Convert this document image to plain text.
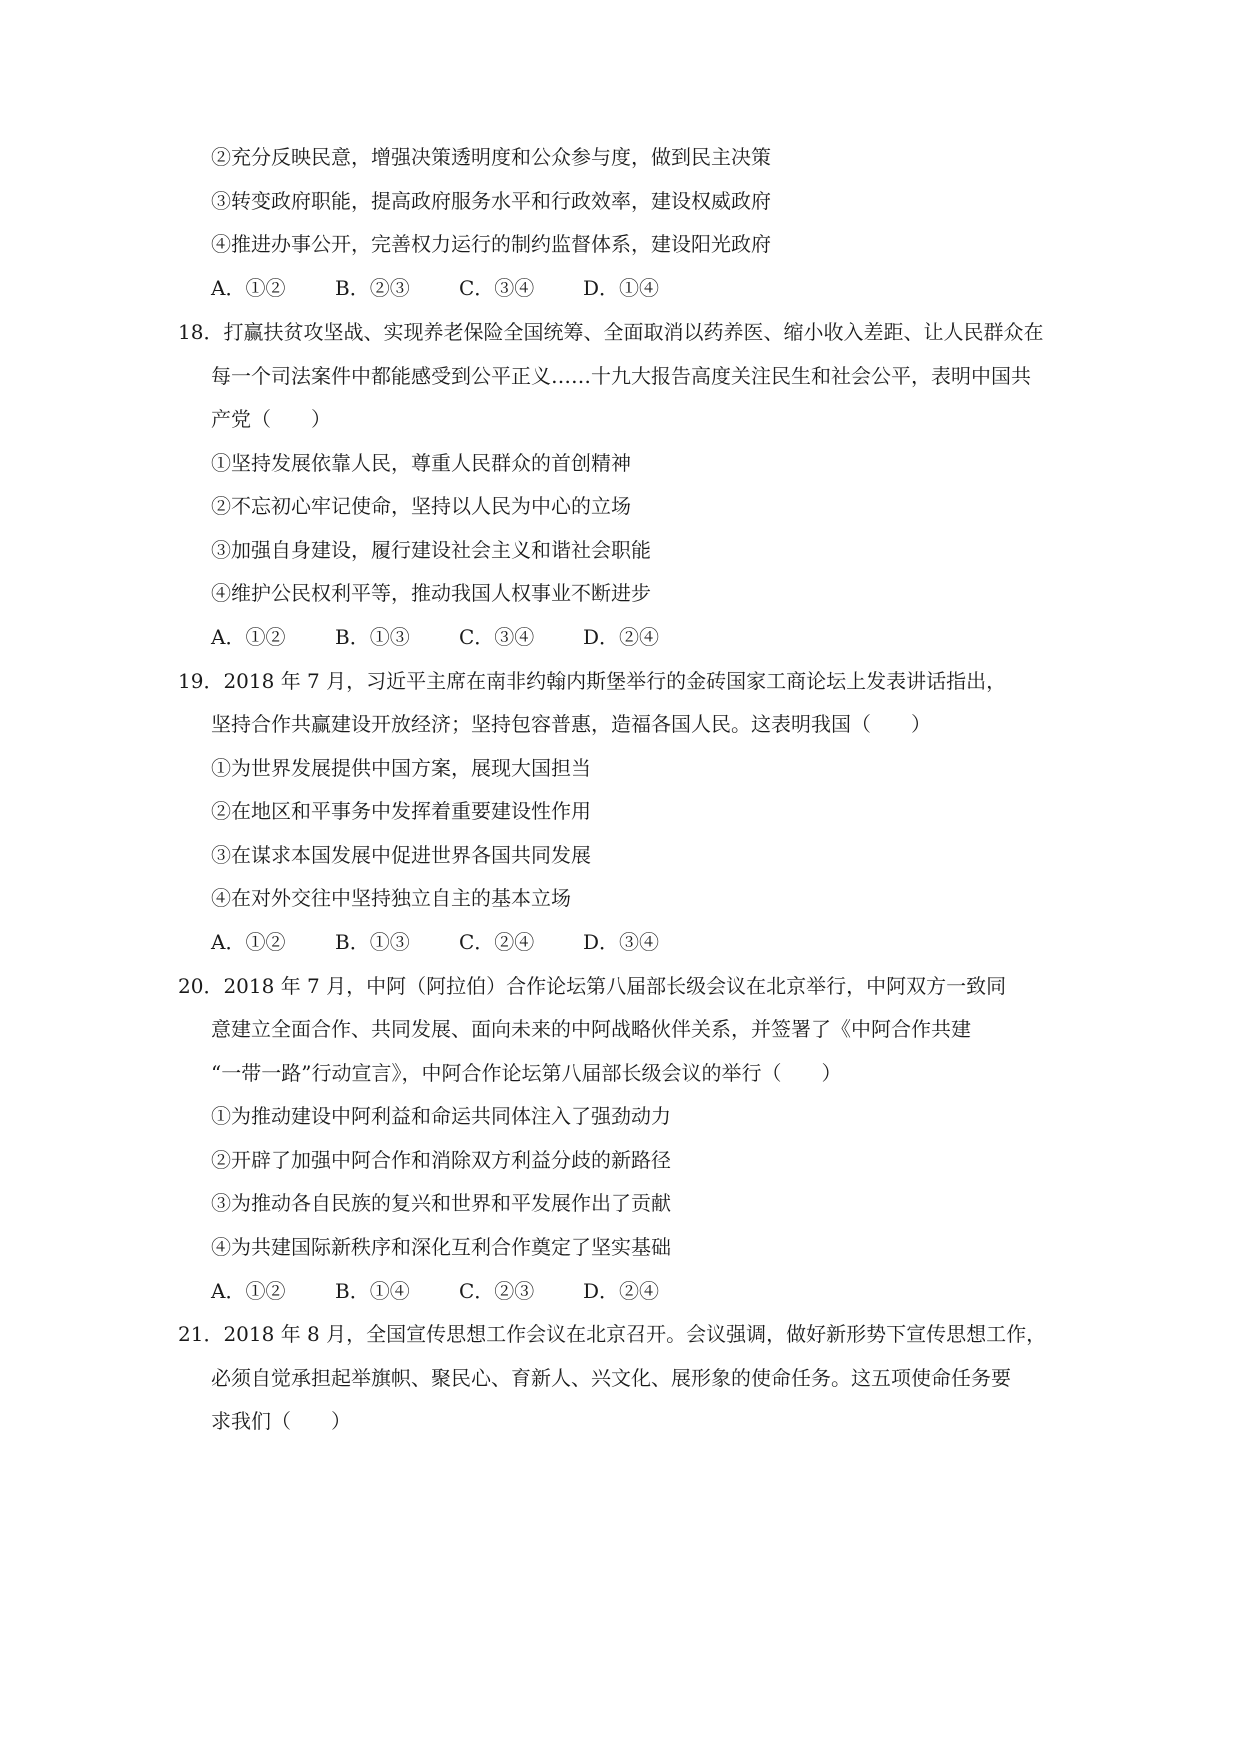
②充分反映民意，增强决策透明度和公众参与度，做到民主决策
③转变政府职能，提高政府服务水平和行政效率，建设权威政府
④推进办事公开，完善权力运行的制约监督体系，建设阳光政府
A．①② B．②③ C．③④ D．①④
18．打赢扶贫攻坚战、实现养老保险全国统筹、全面取消以药养医、缩小收入差距、让人民群众在
每一个司法案件中都能感受到公平正义……十九大报告高度关注民生和社会公平，表明中国共
产党（　　）
①坚持发展依靠人民，尊重人民群众的首创精神
②不忘初心牢记使命，坚持以人民为中心的立场
③加强自身建设，履行建设社会主义和谐社会职能
④维护公民权利平等，推动我国人权事业不断进步
A．①② B．①③ C．③④ D．②④
19．2018 年 7 月，习近平主席在南非约翰内斯堡举行的金砖国家工商论坛上发表讲话指出，
坚持合作共赢建设开放经济；坚持包容普惠，造福各国人民。这表明我国（　　）
①为世界发展提供中国方案，展现大国担当
②在地区和平事务中发挥着重要建设性作用
③在谋求本国发展中促进世界各国共同发展
④在对外交往中坚持独立自主的基本立场
A．①② B．①③ C．②④ D．③④
20．2018 年 7 月，中阿（阿拉伯）合作论坛第八届部长级会议在北京举行，中阿双方一致同
意建立全面合作、共同发展、面向未来的中阿战略伙伴关系，并签署了《中阿合作共建
“一带一路”行动宣言》，中阿合作论坛第八届部长级会议的举行（　　）
①为推动建设中阿利益和命运共同体注入了强劲动力
②开辟了加强中阿合作和消除双方利益分歧的新路径
③为推动各自民族的复兴和世界和平发展作出了贡献
④为共建国际新秩序和深化互利合作奠定了坚实基础
A．①② B．①④ C．②③ D．②④
21．2018 年 8 月，全国宣传思想工作会议在北京召开。会议强调，做好新形势下宣传思想工作，
必须自觉承担起举旗帜、聚民心、育新人、兴文化、展形象的使命任务。这五项使命任务要
求我们（　　）
